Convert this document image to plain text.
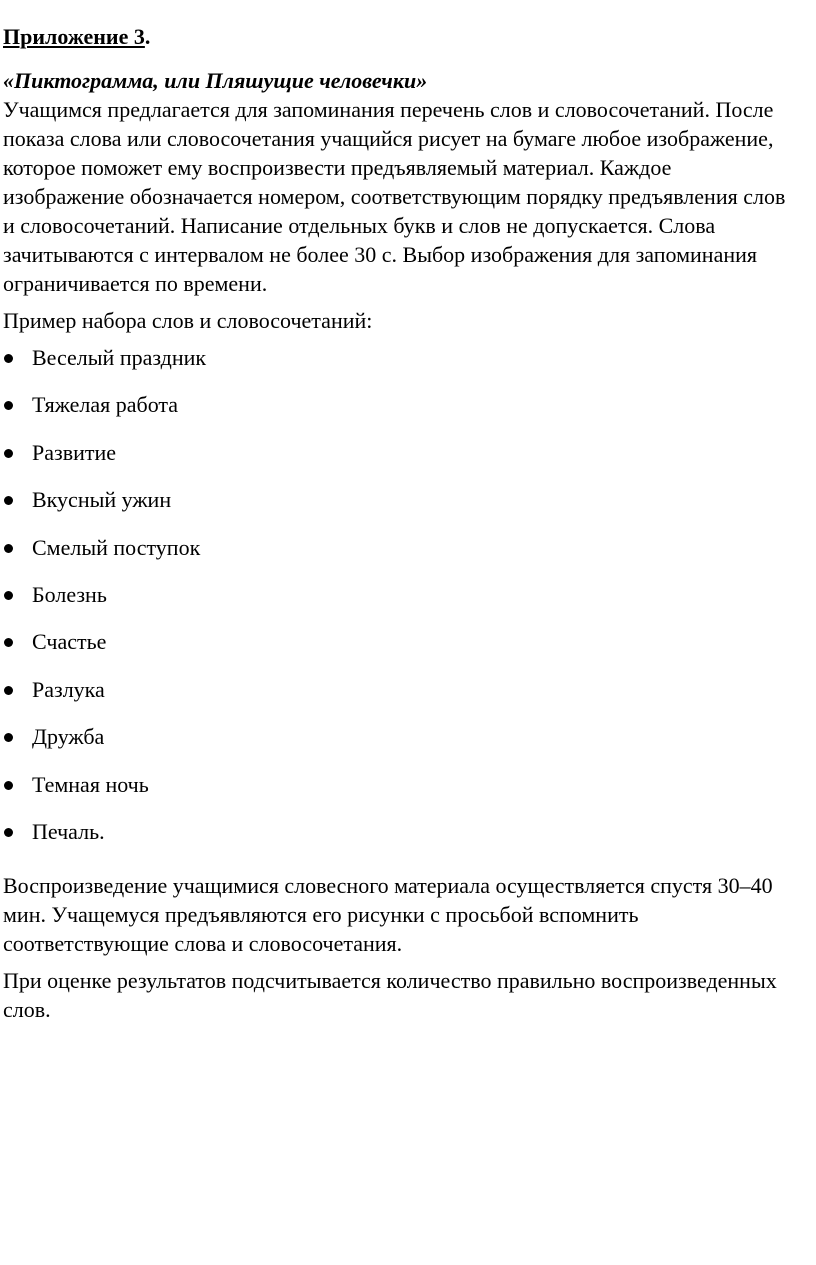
Приложение 3.

«Пиктограмма, или Пляшущие человечки»

Учащимся предлагается для запоминания перечень слов и словосочетаний. После показа слова или словосочетания учащийся рисует на бумаге любое изображение, которое поможет ему воспроизвести предъявляемый материал. Каждое изображение обозначается номером, соответствующим порядку предъявления слов и словосочетаний. Написание отдельных букв и слов не допускается. Слова зачитываются с интервалом не более 30 с. Выбор изображения для запоминания ограничивается по времени.

Пример набора слов и словосочетаний:

Веселый праздник
Тяжелая работа
Развитие
Вкусный ужин
Смелый поступок
Болезнь
Счастье
Разлука
Дружба
Темная ночь
Печаль.

Воспроизведение учащимися словесного материала осуществляется спустя 30–40 мин. Учащемуся предъявляются его рисунки с просьбой вспомнить соответствующие слова и словосочетания.

При оценке результатов подсчитывается количество правильно воспроизведенных слов.
